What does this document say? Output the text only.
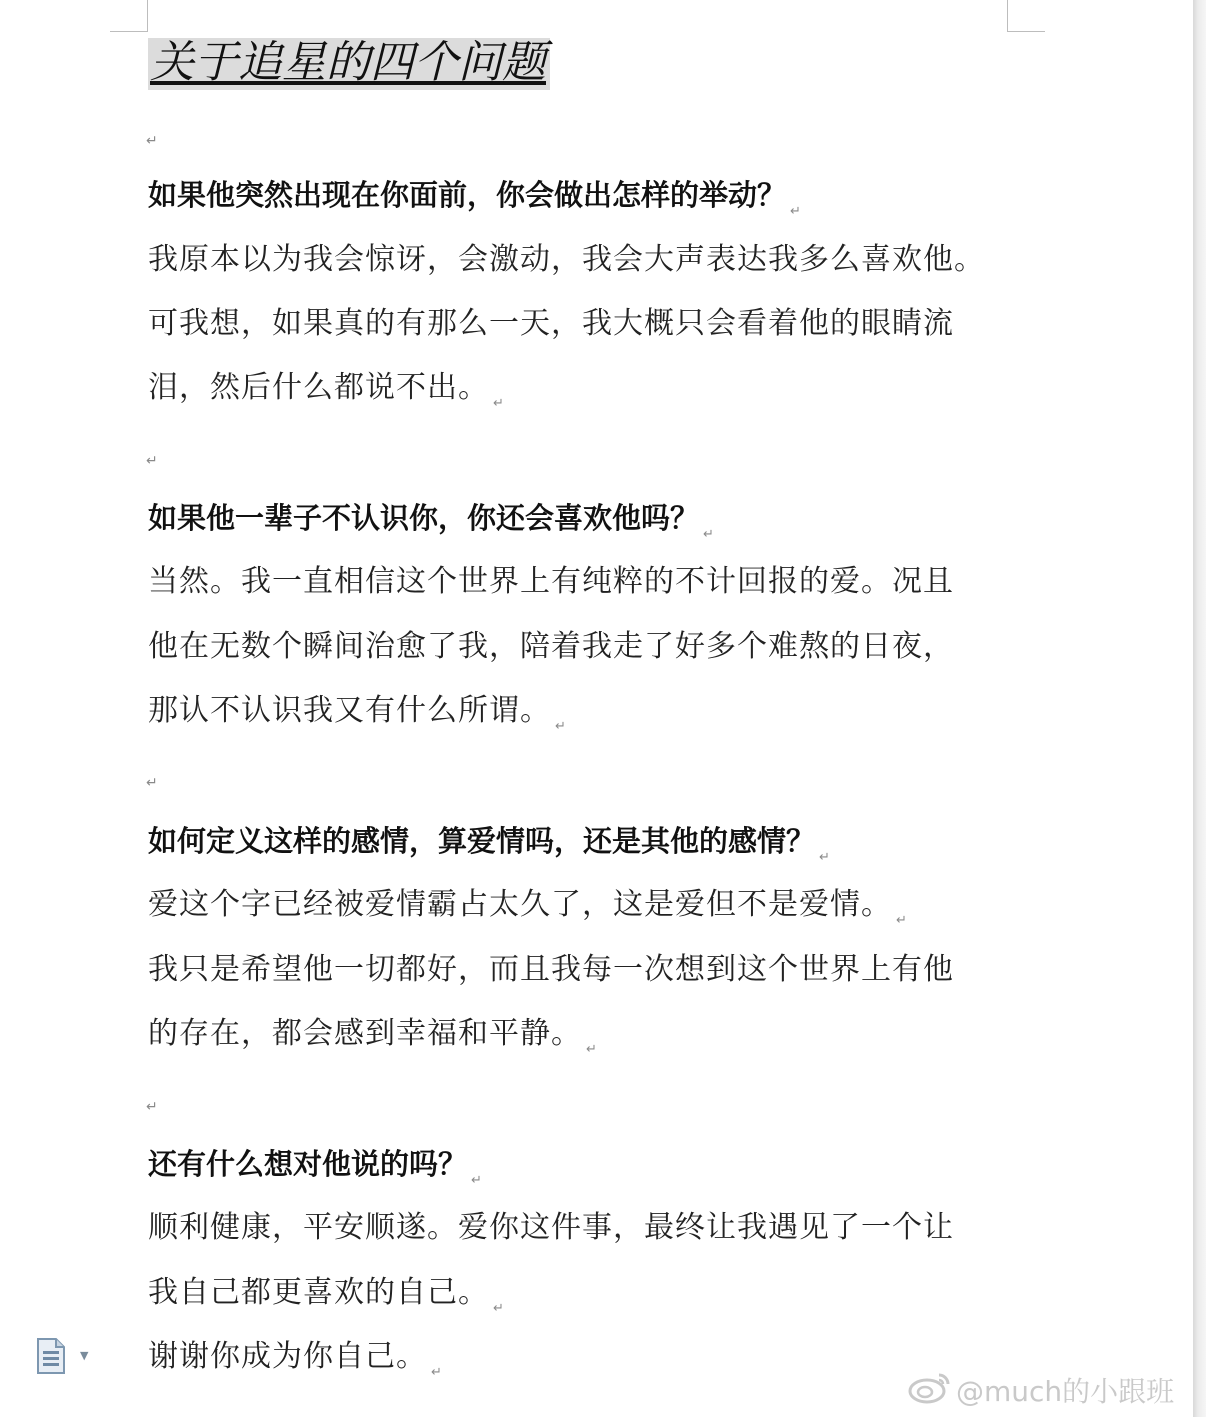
关于追星的四个问题
↵
如果他突然出现在你面前，你会做出怎样的举动？ $_↵$
我原本以为我会惊讶，会激动，我会大声表达我多么喜欢他。
可我想，如果真的有那么一天，我大概只会看着他的眼睛流
泪，然后什么都说不出。 $_↵$
↵
如果他一辈子不认识你，你还会喜欢他吗？ $_↵$
当然。我一直相信这个世界上有纯粹的不计回报的爱。况且
他在无数个瞬间治愈了我，陪着我走了好多个难熬的日夜，
那认不认识我又有什么所谓。 $_↵$
↵
如何定义这样的感情，算爱情吗，还是其他的感情？ $_↵$
爱这个字已经被爱情霸占太久了，这是爱但不是爱情。 $_↵$
我只是希望他一切都好，而且我每一次想到这个世界上有他
的存在，都会感到幸福和平静。 $_↵$
↵
还有什么想对他说的吗？ $_↵$
顺利健康，平安顺遂。爱你这件事，最终让我遇见了一个让
我自己都更喜欢的自己。 $_↵$
谢谢你成为你自己。 $_↵$
▼
@much的小跟班
